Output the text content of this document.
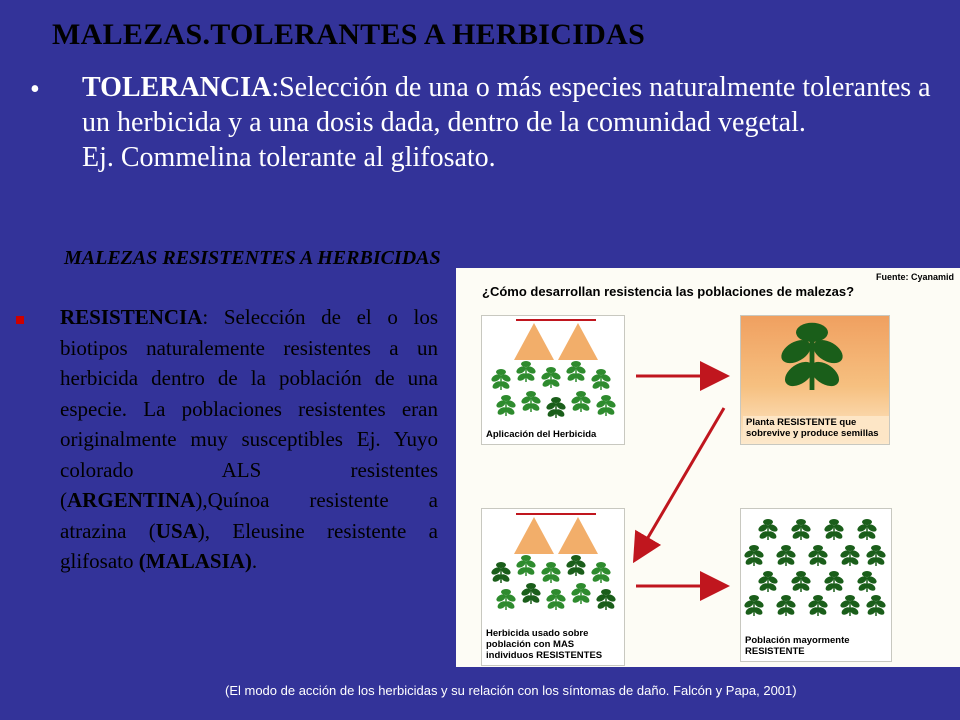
MALEZAS.TOLERANTES A HERBICIDAS
• TOLERANCIA:Selección de una o más especies naturalmente tolerantes a un herbicida y a una dosis dada, dentro de la comunidad vegetal.
Ej. Commelina tolerante al glifosato.
MALEZAS RESISTENTES A HERBICIDAS
RESISTENCIA: Selección de el o los biotipos naturalemente resistentes a un herbicida dentro de la población de una especie. La poblaciones resistentes eran originalmente muy susceptibles Ej. Yuyo colorado ALS resistentes (ARGENTINA),Quínoa resistente a atrazina (USA), Eleusine resistente a glifosato (MALASIA).
Fuente: Cyanamid
¿Cómo desarrollan resistencia las poblaciones de malezas?

Aplicación del Herbicida

Planta RESISTENTE que sobrevive y produce semillas

Herbicida usado sobre población con MAS individuos RESISTENTES

Población mayormente RESISTENTE

(El modo de acción de los herbicidas y su relación con los síntomas de daño. Falcón y Papa, 2001)
